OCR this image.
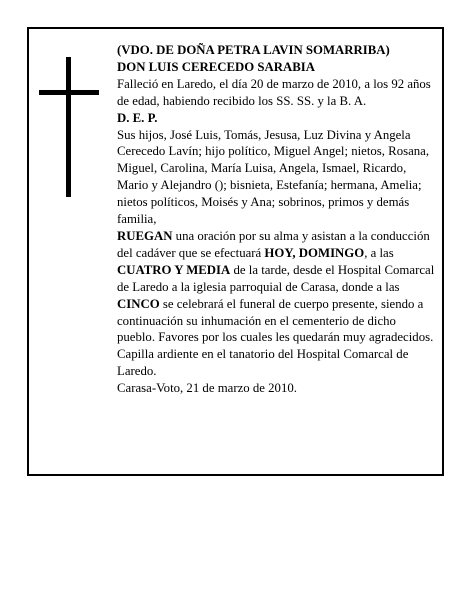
(VDO. DE DOÑA PETRA LAVIN SOMARRIBA)

DON LUIS CERECEDO SARABIA

Falleció en Laredo, el día 20 de marzo de 2010, a los 92 años

de edad, habiendo recibido los SS. SS. y la B. A.

D. E. P.

Sus hijos, José Luis, Tomás, Jesusa, Luz Divina y Angela Cerecedo Lavín; hijo político, Miguel Angel; nietos, Rosana, Miguel, Carolina, María Luisa, Angela, Ismael, Ricardo, Mario y Alejandro (); bisnieta, Estefanía; hermana, Amelia; nietos políticos, Moisés y Ana; sobrinos, primos y demás familia,

RUEGAN una oración por su alma y asistan a la conducción del cadáver que se efectuará HOY, DOMINGO, a las CUATRO Y MEDIA de la tarde, desde el Hospital Comarcal de Laredo a la iglesia parroquial de Carasa, donde a las CINCO se celebrará el funeral de cuerpo presente, siendo a continuación su inhumación en el cementerio de dicho pueblo. Favores por los cuales les quedarán muy agradecidos. Capilla ardiente en el tanatorio del Hospital Comarcal de Laredo.

Carasa-Voto, 21 de marzo de 2010.
